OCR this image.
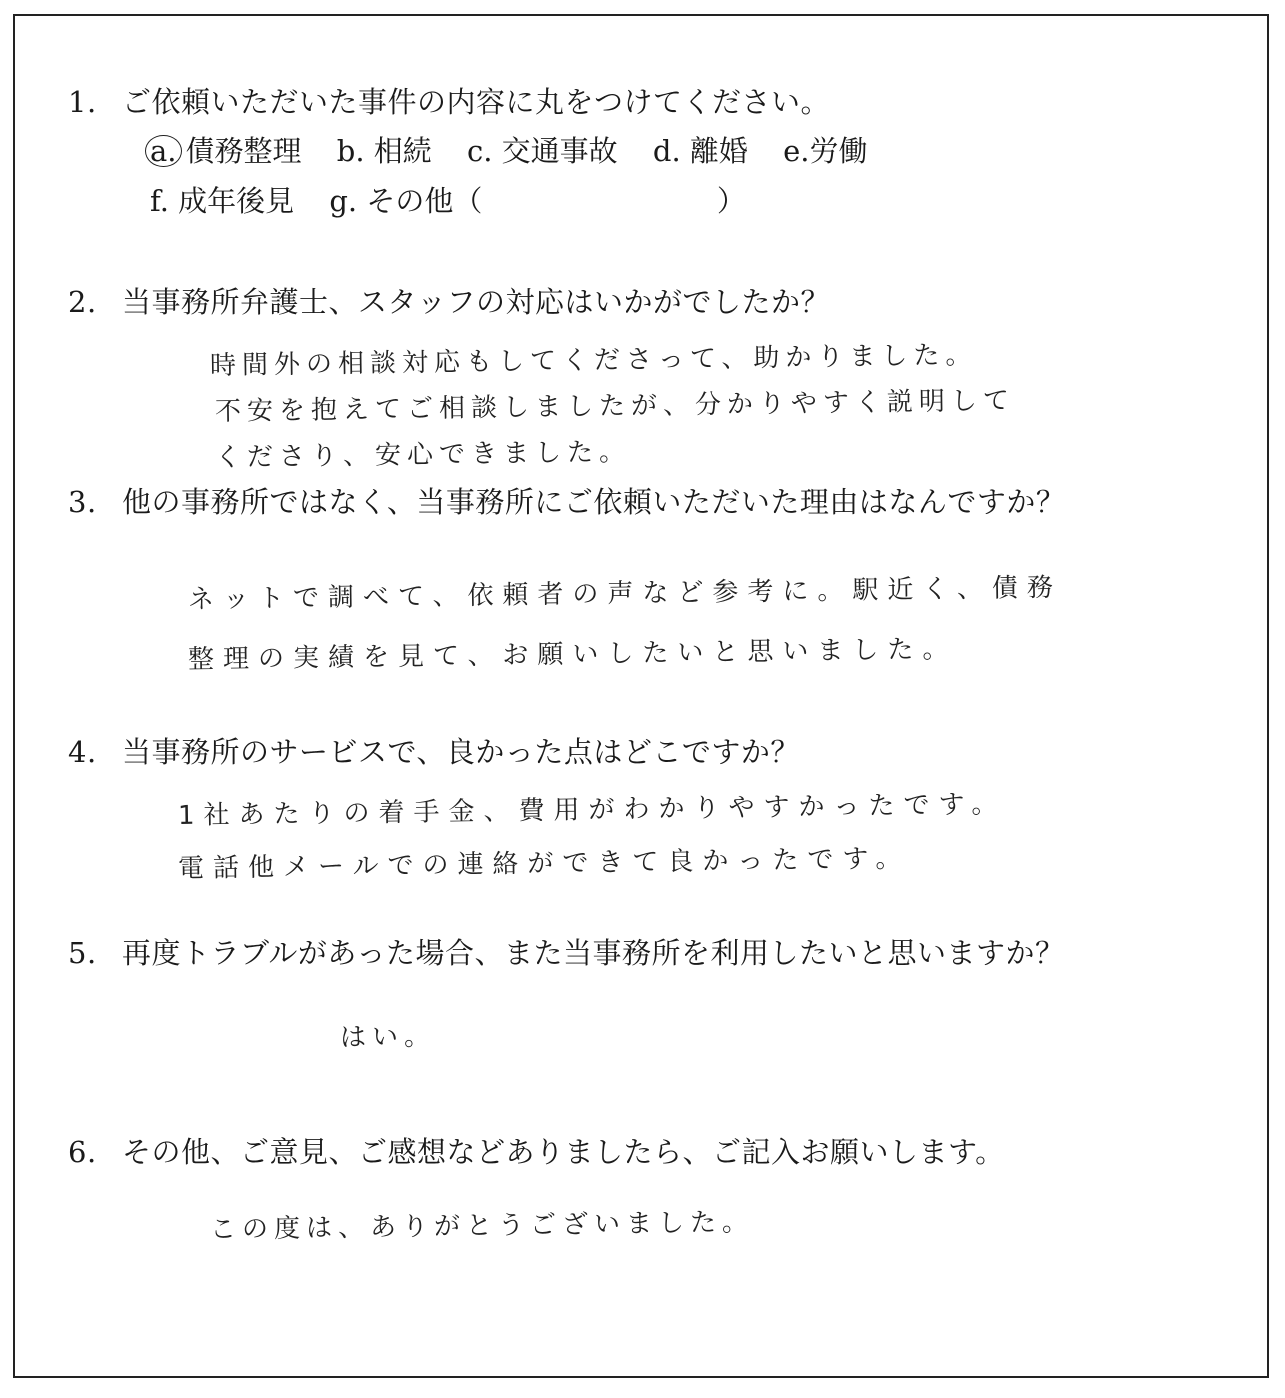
1. ご依頼いただいた事件の内容に丸をつけてください。
a. 債務整理 b. 相続 c. 交通事故 d. 離婚 e.労働
f. 成年後見 g. その他（	）
2. 当事務所弁護士、スタッフの対応はいかがでしたか？
時間外の相談対応もしてくださって、助かりました。
不安を抱えてご相談しましたが、分かりやすく説明して
くださり、安心できました。
3. 他の事務所ではなく、当事務所にご依頼いただいた理由はなんですか？
ネットで調べて、依頼者の声など参考に。駅近く、債務
整理の実績を見て、お願いしたいと思いました。
4. 当事務所のサービスで、良かった点はどこですか？
1社あたりの着手金、費用がわかりやすかったです。
電話他メールでの連絡ができて良かったです。
5. 再度トラブルがあった場合、また当事務所を利用したいと思いますか？
はい。
6. その他、ご意見、ご感想などありましたら、ご記入お願いします。
この度は、ありがとうございました。
